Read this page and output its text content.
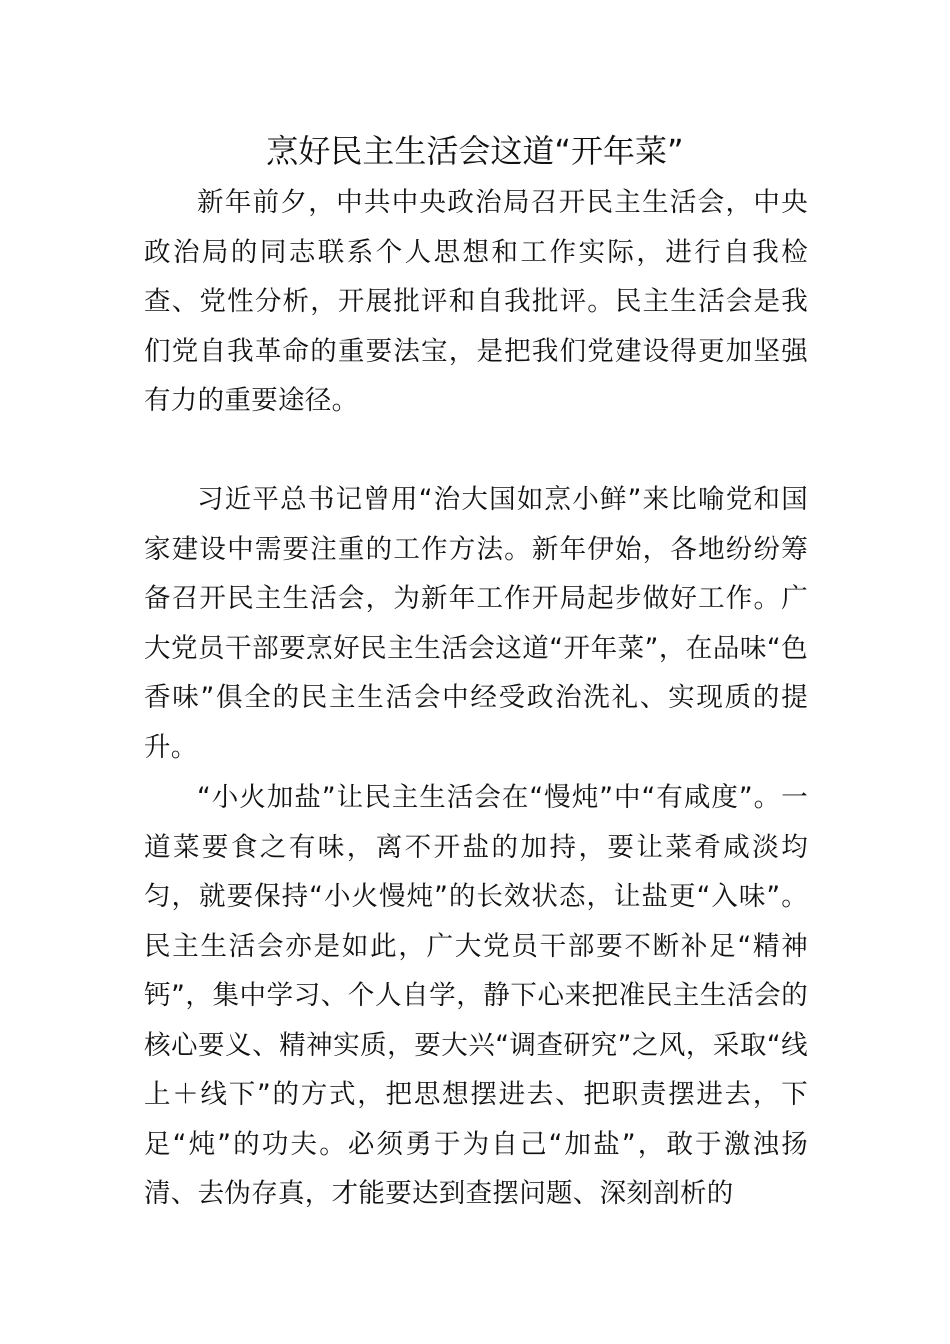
烹好民主生活会这道“开年菜”

新年前夕，中共中央政治局召开民主生活会，中央政治局的同志联系个人思想和工作实际，进行自我检查、党性分析，开展批评和自我批评。民主生活会是我们党自我革命的重要法宝，是把我们党建设得更加坚强有力的重要途径。

习近平总书记曾用“治大国如烹小鲜”来比喻党和国家建设中需要注重的工作方法。新年伊始，各地纷纷筹备召开民主生活会，为新年工作开局起步做好工作。广大党员干部要烹好民主生活会这道“开年菜”，在品味“色香味”俱全的民主生活会中经受政治洗礼、实现质的提升。

“小火加盐”让民主生活会在“慢炖”中“有咸度”。一道菜要食之有味，离不开盐的加持，要让菜肴咸淡均匀，就要保持“小火慢炖”的长效状态，让盐更“入味”。民主生活会亦是如此，广大党员干部要不断补足“精神钙”，集中学习、个人自学，静下心来把准民主生活会的核心要义、精神实质，要大兴“调查研究”之风，采取“线上＋线下”的方式，把思想摆进去、把职责摆进去，下足“炖”的功夫。必须勇于为自己“加盐”，敢于激浊扬清、去伪存真，才能要达到查摆问题、深刻剖析的
